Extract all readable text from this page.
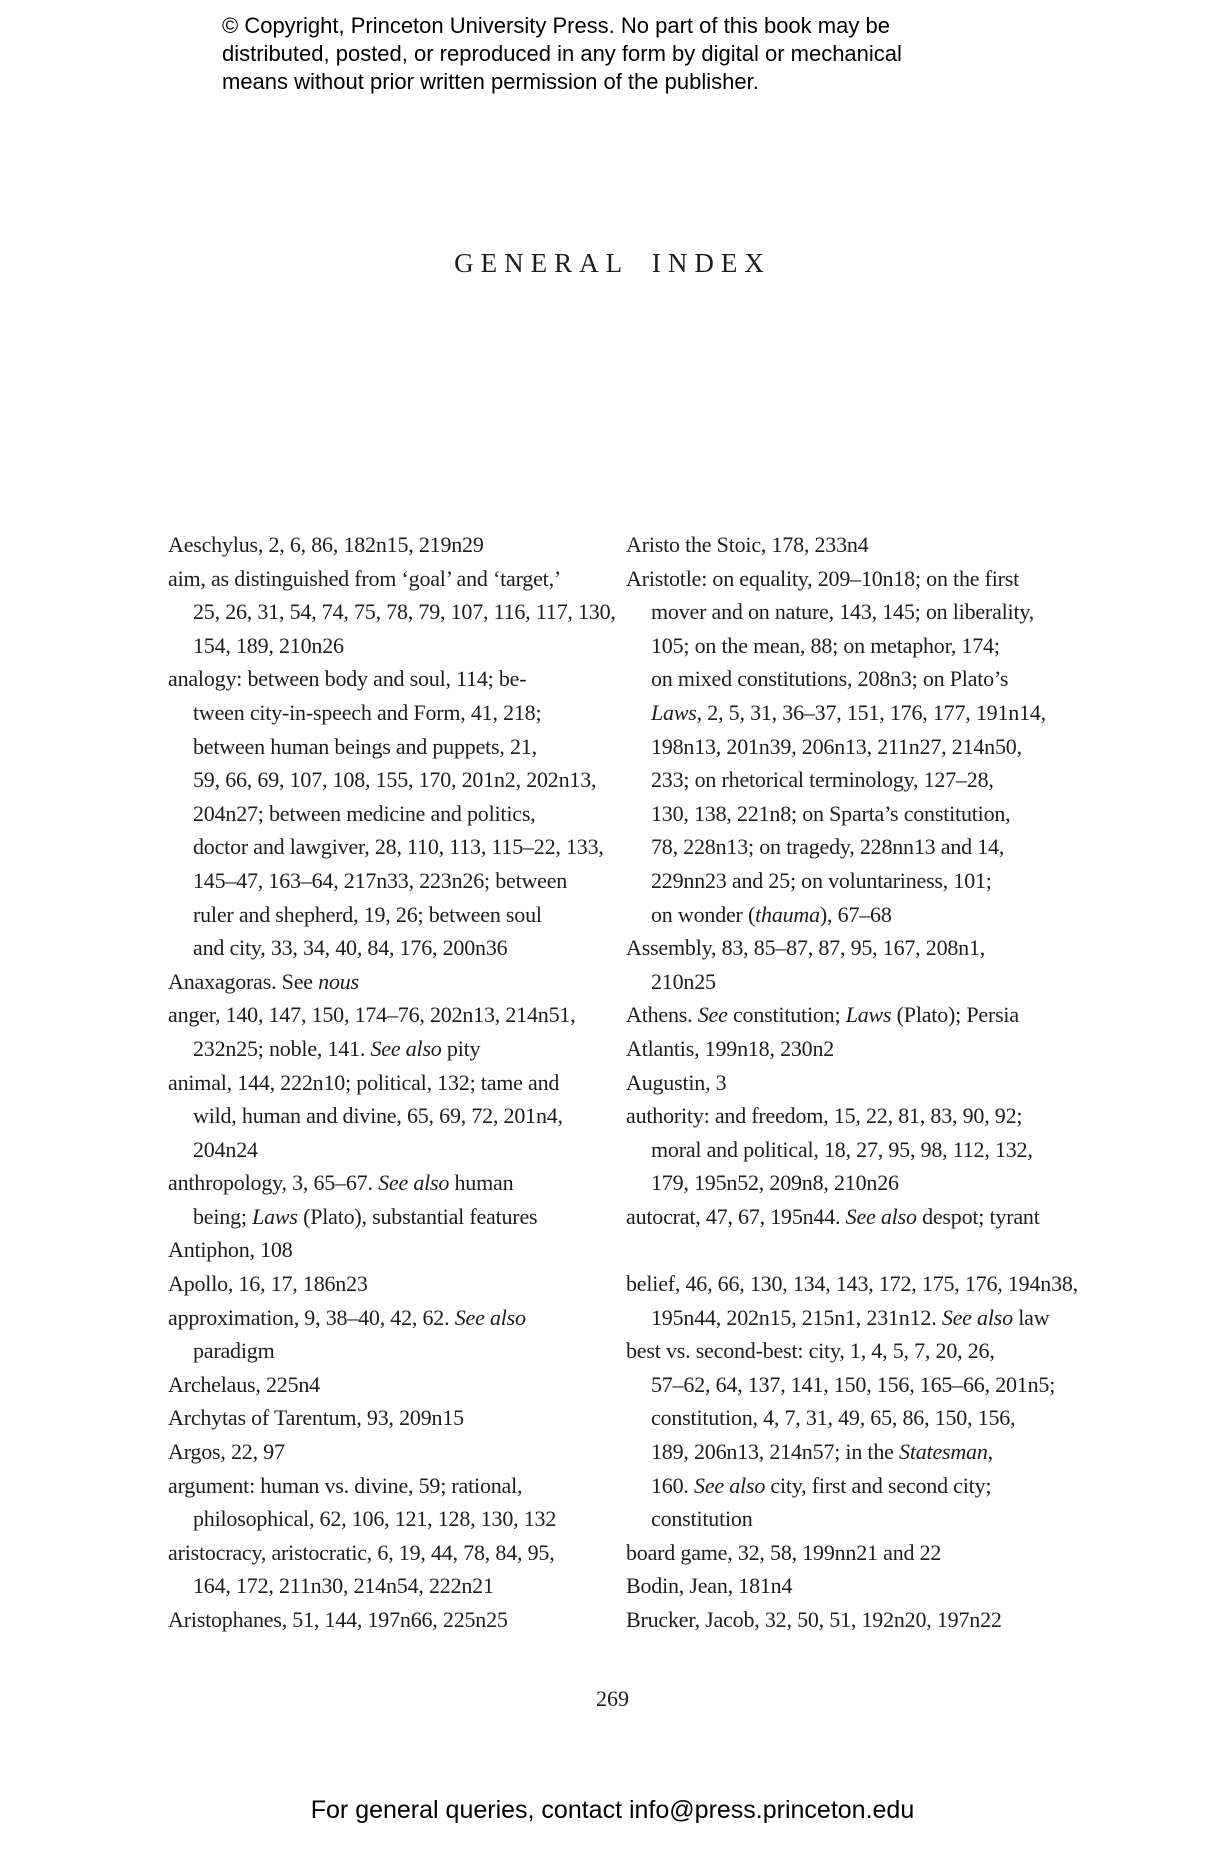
© Copyright, Princeton University Press. No part of this book may be
distributed, posted, or reproduced in any form by digital or mechanical
means without prior written permission of the publisher.
GENERAL INDEX
Aeschylus, 2, 6, 86, 182n15, 219n29
aim, as distinguished from ‘goal’ and ‘target,’
25, 26, 31, 54, 74, 75, 78, 79, 107, 116, 117, 130,
154, 189, 210n26
analogy: between body and soul, 114; be-
tween city-in-speech and Form, 41, 218;
between human beings and puppets, 21,
59, 66, 69, 107, 108, 155, 170, 201n2, 202n13,
204n27; between medicine and politics,
doctor and lawgiver, 28, 110, 113, 115–22, 133,
145–47, 163–64, 217n33, 223n26; between
ruler and shepherd, 19, 26; between soul
and city, 33, 34, 40, 84, 176, 200n36
Anaxagoras. See nous
anger, 140, 147, 150, 174–76, 202n13, 214n51,
232n25; noble, 141. See also pity
animal, 144, 222n10; political, 132; tame and
wild, human and divine, 65, 69, 72, 201n4,
204n24
anthropology, 3, 65–67. See also human
being; Laws (Plato), substantial features
Antiphon, 108
Apollo, 16, 17, 186n23
approximation, 9, 38–40, 42, 62. See also
paradigm
Archelaus, 225n4
Archytas of Tarentum, 93, 209n15
Argos, 22, 97
argument: human vs. divine, 59; rational,
philosophical, 62, 106, 121, 128, 130, 132
aristocracy, aristocratic, 6, 19, 44, 78, 84, 95,
164, 172, 211n30, 214n54, 222n21
Aristophanes, 51, 144, 197n66, 225n25
Aristo the Stoic, 178, 233n4
Aristotle: on equality, 209–10n18; on the first
mover and on nature, 143, 145; on liberality,
105; on the mean, 88; on metaphor, 174;
on mixed constitutions, 208n3; on Plato’s
Laws, 2, 5, 31, 36–37, 151, 176, 177, 191n14,
198n13, 201n39, 206n13, 211n27, 214n50,
233; on rhetorical terminology, 127–28,
130, 138, 221n8; on Sparta’s constitution,
78, 228n13; on tragedy, 228nn13 and 14,
229nn23 and 25; on voluntariness, 101;
on wonder (thauma), 67–68
Assembly, 83, 85–87, 87, 95, 167, 208n1,
210n25
Athens. See constitution; Laws (Plato); Persia
Atlantis, 199n18, 230n2
Augustin, 3
authority: and freedom, 15, 22, 81, 83, 90, 92;
moral and political, 18, 27, 95, 98, 112, 132,
179, 195n52, 209n8, 210n26
autocrat, 47, 67, 195n44. See also despot; tyrant

belief, 46, 66, 130, 134, 143, 172, 175, 176, 194n38,
195n44, 202n15, 215n1, 231n12. See also law
best vs. second-best: city, 1, 4, 5, 7, 20, 26,
57–62, 64, 137, 141, 150, 156, 165–66, 201n5;
constitution, 4, 7, 31, 49, 65, 86, 150, 156,
189, 206n13, 214n57; in the Statesman,
160. See also city, first and second city;
constitution
board game, 32, 58, 199nn21 and 22
Bodin, Jean, 181n4
Brucker, Jacob, 32, 50, 51, 192n20, 197n22
269
For general queries, contact info@press.princeton.edu
